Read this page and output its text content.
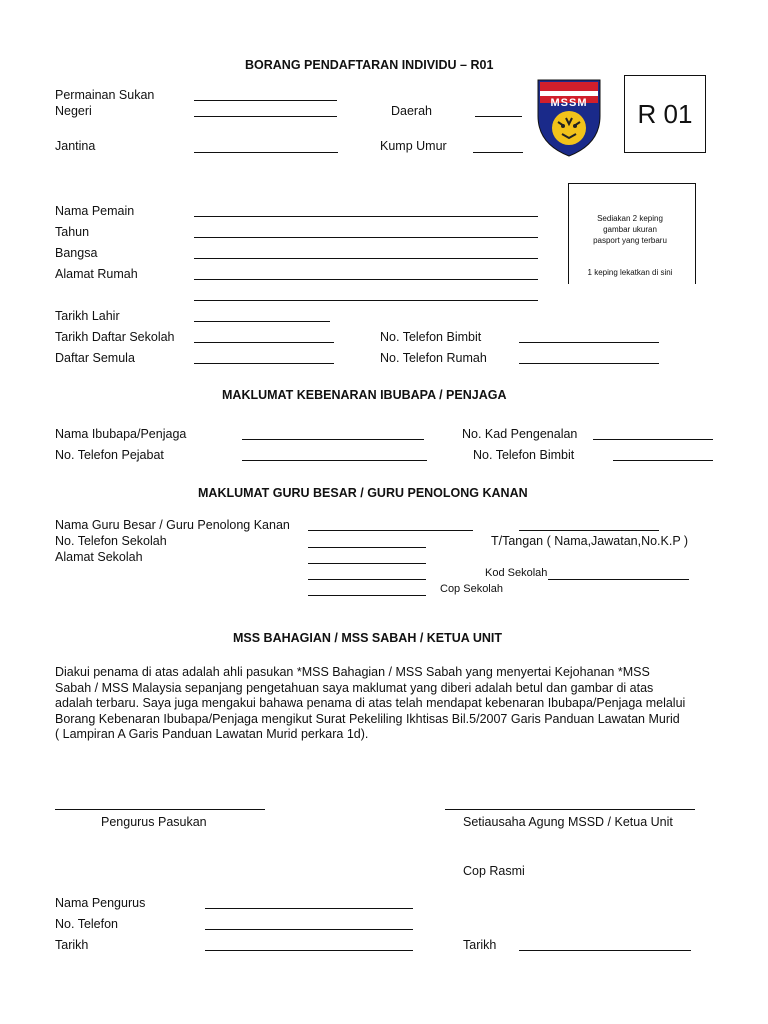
BORANG PENDAFTARAN INDIVIDU – R01
MSSM	R 01
Permainan Sukan
Negeri	Daerah
Jantina	Kump Umur
Sediakan 2 keping
gambar ukuran
pasport yang terbaru
1 keping lekatkan di sini
Nama Pemain
Tahun
Bangsa
Alamat Rumah
Tarikh Lahir
Tarikh Daftar Sekolah	No. Telefon Bimbit
Daftar Semula	No. Telefon Rumah
MAKLUMAT KEBENARAN IBUBAPA / PENJAGA
Nama Ibubapa/Penjaga	No. Kad Pengenalan
No. Telefon Pejabat	No. Telefon Bimbit
MAKLUMAT GURU BESAR / GURU PENOLONG KANAN
Nama Guru Besar / Guru Penolong Kanan
No. Telefon Sekolah	T/Tangan ( Nama,Jawatan,No.K.P )
Alamat Sekolah
Kod Sekolah
Cop Sekolah
MSS BAHAGIAN / MSS SABAH / KETUA UNIT
Diakui penama di atas adalah ahli pasukan *MSS Bahagian / MSS Sabah yang menyertai Kejohanan *MSS
Sabah / MSS Malaysia sepanjang pengetahuan saya maklumat yang diberi adalah betul dan gambar di atas
adalah terbaru. Saya juga mengakui bahawa penama di atas telah mendapat kebenaran Ibubapa/Penjaga melalui
Borang Kebenaran Ibubapa/Penjaga mengikut Surat Pekeliling Ikhtisas Bil.5/2007 Garis Panduan Lawatan Murid
( Lampiran A Garis Panduan Lawatan Murid perkara 1d).
Pengurus Pasukan	Setiausaha Agung MSSD / Ketua Unit
Cop Rasmi
Nama Pengurus
No. Telefon
Tarikh	Tarikh
